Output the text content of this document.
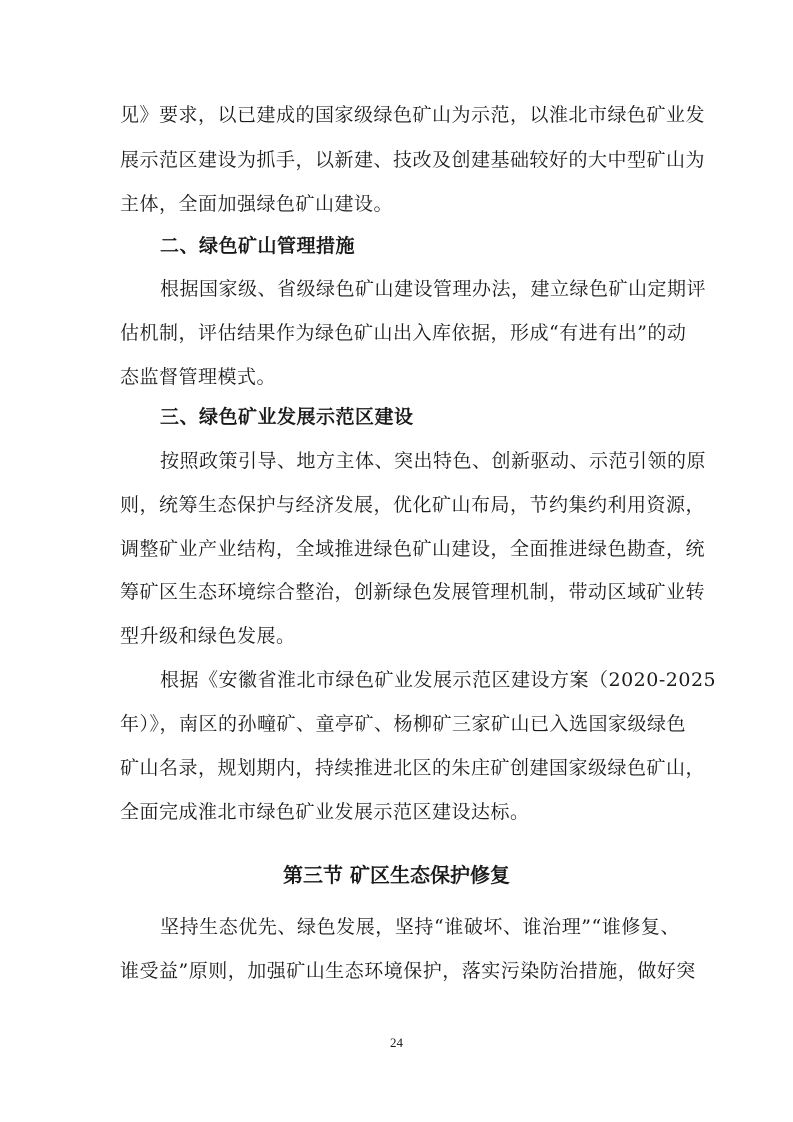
见》要求，以已建成的国家级绿色矿山为示范，以淮北市绿色矿业发
展示范区建设为抓手，以新建、技改及创建基础较好的大中型矿山为
主体，全面加强绿色矿山建设。
二、绿色矿山管理措施
根据国家级、省级绿色矿山建设管理办法，建立绿色矿山定期评
估机制，评估结果作为绿色矿山出入库依据，形成“有进有出”的动
态监督管理模式。
三、绿色矿业发展示范区建设
按照政策引导、地方主体、突出特色、创新驱动、示范引领的原
则，统筹生态保护与经济发展，优化矿山布局，节约集约利用资源，
调整矿业产业结构，全域推进绿色矿山建设，全面推进绿色勘查，统
筹矿区生态环境综合整治，创新绿色发展管理机制，带动区域矿业转
型升级和绿色发展。
根据《安徽省淮北市绿色矿业发展示范区建设方案（2020-2025
年）》，南区的孙疃矿、童亭矿、杨柳矿三家矿山已入选国家级绿色
矿山名录，规划期内，持续推进北区的朱庄矿创建国家级绿色矿山，
全面完成淮北市绿色矿业发展示范区建设达标。
第三节 矿区生态保护修复
坚持生态优先、绿色发展，坚持“谁破坏、谁治理”“谁修复、
谁受益”原则，加强矿山生态环境保护，落实污染防治措施，做好突
24
